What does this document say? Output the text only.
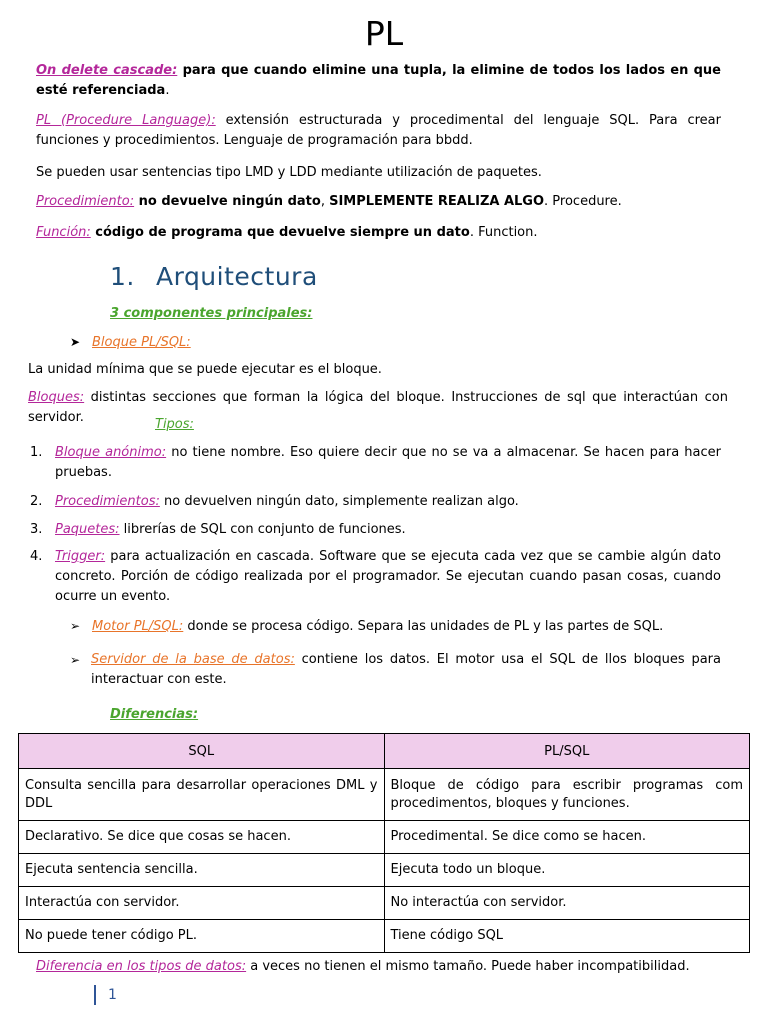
PL
On delete cascade: para que cuando elimine una tupla, la elimine de todos los lados en que esté referenciada.
PL (Procedure Language): extensión estructurada y procedimental del lenguaje SQL. Para crear funciones y procedimientos. Lenguaje de programación para bbdd.
Se pueden usar sentencias tipo LMD y LDD mediante utilización de paquetes.
Procedimiento: no devuelve ningún dato, SIMPLEMENTE REALIZA ALGO. Procedure.
Función: código de programa que devuelve siempre un dato. Function.
1. Arquitectura
3 componentes principales:
➤ Bloque PL/SQL:
La unidad mínima que se puede ejecutar es el bloque.
Bloques: distintas secciones que forman la lógica del bloque. Instrucciones de sql que interactúan con servidor.	Tipos:
1. Bloque anónimo: no tiene nombre. Eso quiere decir que no se va a almacenar. Se hacen para hacer pruebas.
2. Procedimientos: no devuelven ningún dato, simplemente realizan algo.
3. Paquetes: librerías de SQL con conjunto de funciones.
4. Trigger: para actualización en cascada. Software que se ejecuta cada vez que se cambie algún dato concreto. Porción de código realizada por el programador. Se ejecutan cuando pasan cosas, cuando ocurre un evento.
➢ Motor PL/SQL: donde se procesa código. Separa las unidades de PL y las partes de SQL.
➢ Servidor de la base de datos: contiene los datos. El motor usa el SQL de llos bloques para interactuar con este.
Diferencias:
SQL	PL/SQL
Consulta sencilla para desarrollar operaciones DML y DDL	Bloque de código para escribir programas com procedimentos, bloques y funciones.
Declarativo. Se dice que cosas se hacen.	Procedimental. Se dice como se hacen.
Ejecuta sentencia sencilla.	Ejecuta todo un bloque.
Interactúa con servidor.	No interactúa con servidor.
No puede tener código PL.	Tiene código SQL
Diferencia en los tipos de datos: a veces no tienen el mismo tamaño. Puede haber incompatibilidad.
1
